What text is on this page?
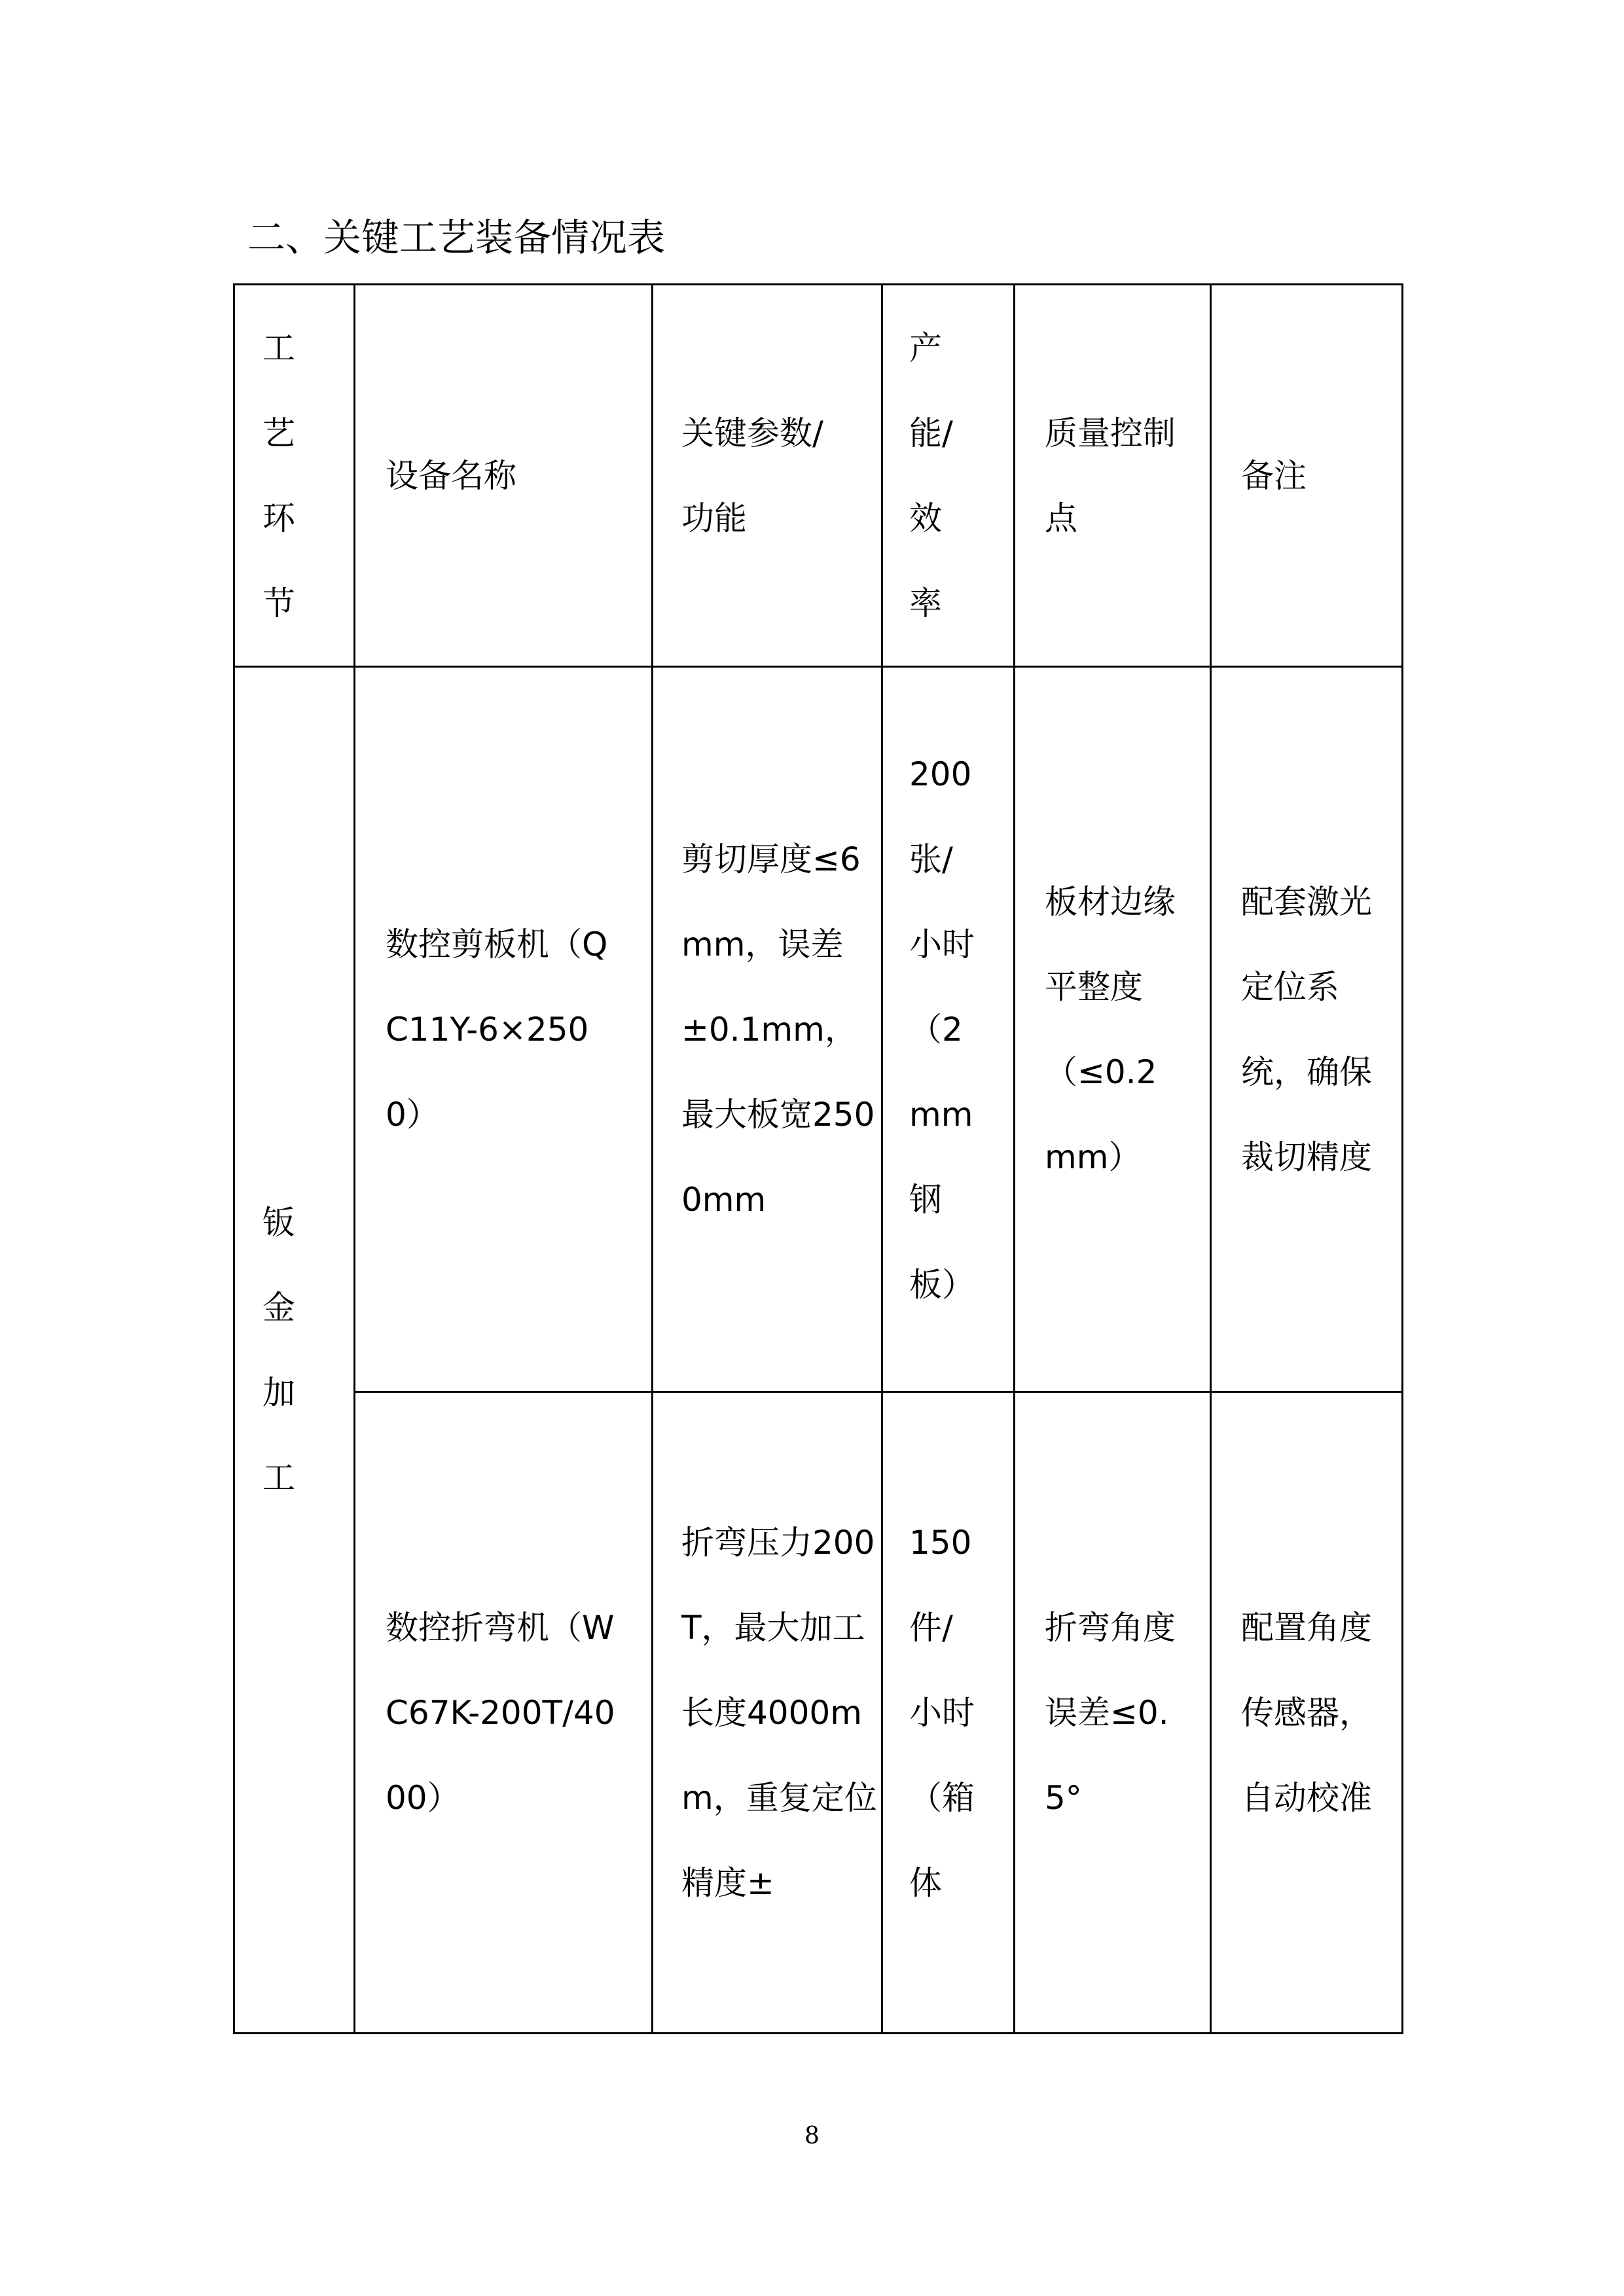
二、关键工艺装备情况表
工艺环节	设备名称	关键参数/功能	产能/效率	质量控制点	备注

钣金加工	数控剪板机（QC11Y-6×2500）	剪切厚度≤6mm，误差±0.1mm，最大板宽2500mm	200张/小时（2mm钢板）	板材边缘平整度（≤0.2mm）	配套激光定位系统，确保裁切精度

	数控折弯机（WC67K-200T/4000）	折弯压力200T，最大加工长度4000mm，重复定位精度±	150件/小时（箱体	折弯角度误差≤0.5°	配置角度传感器，自动校准
8
